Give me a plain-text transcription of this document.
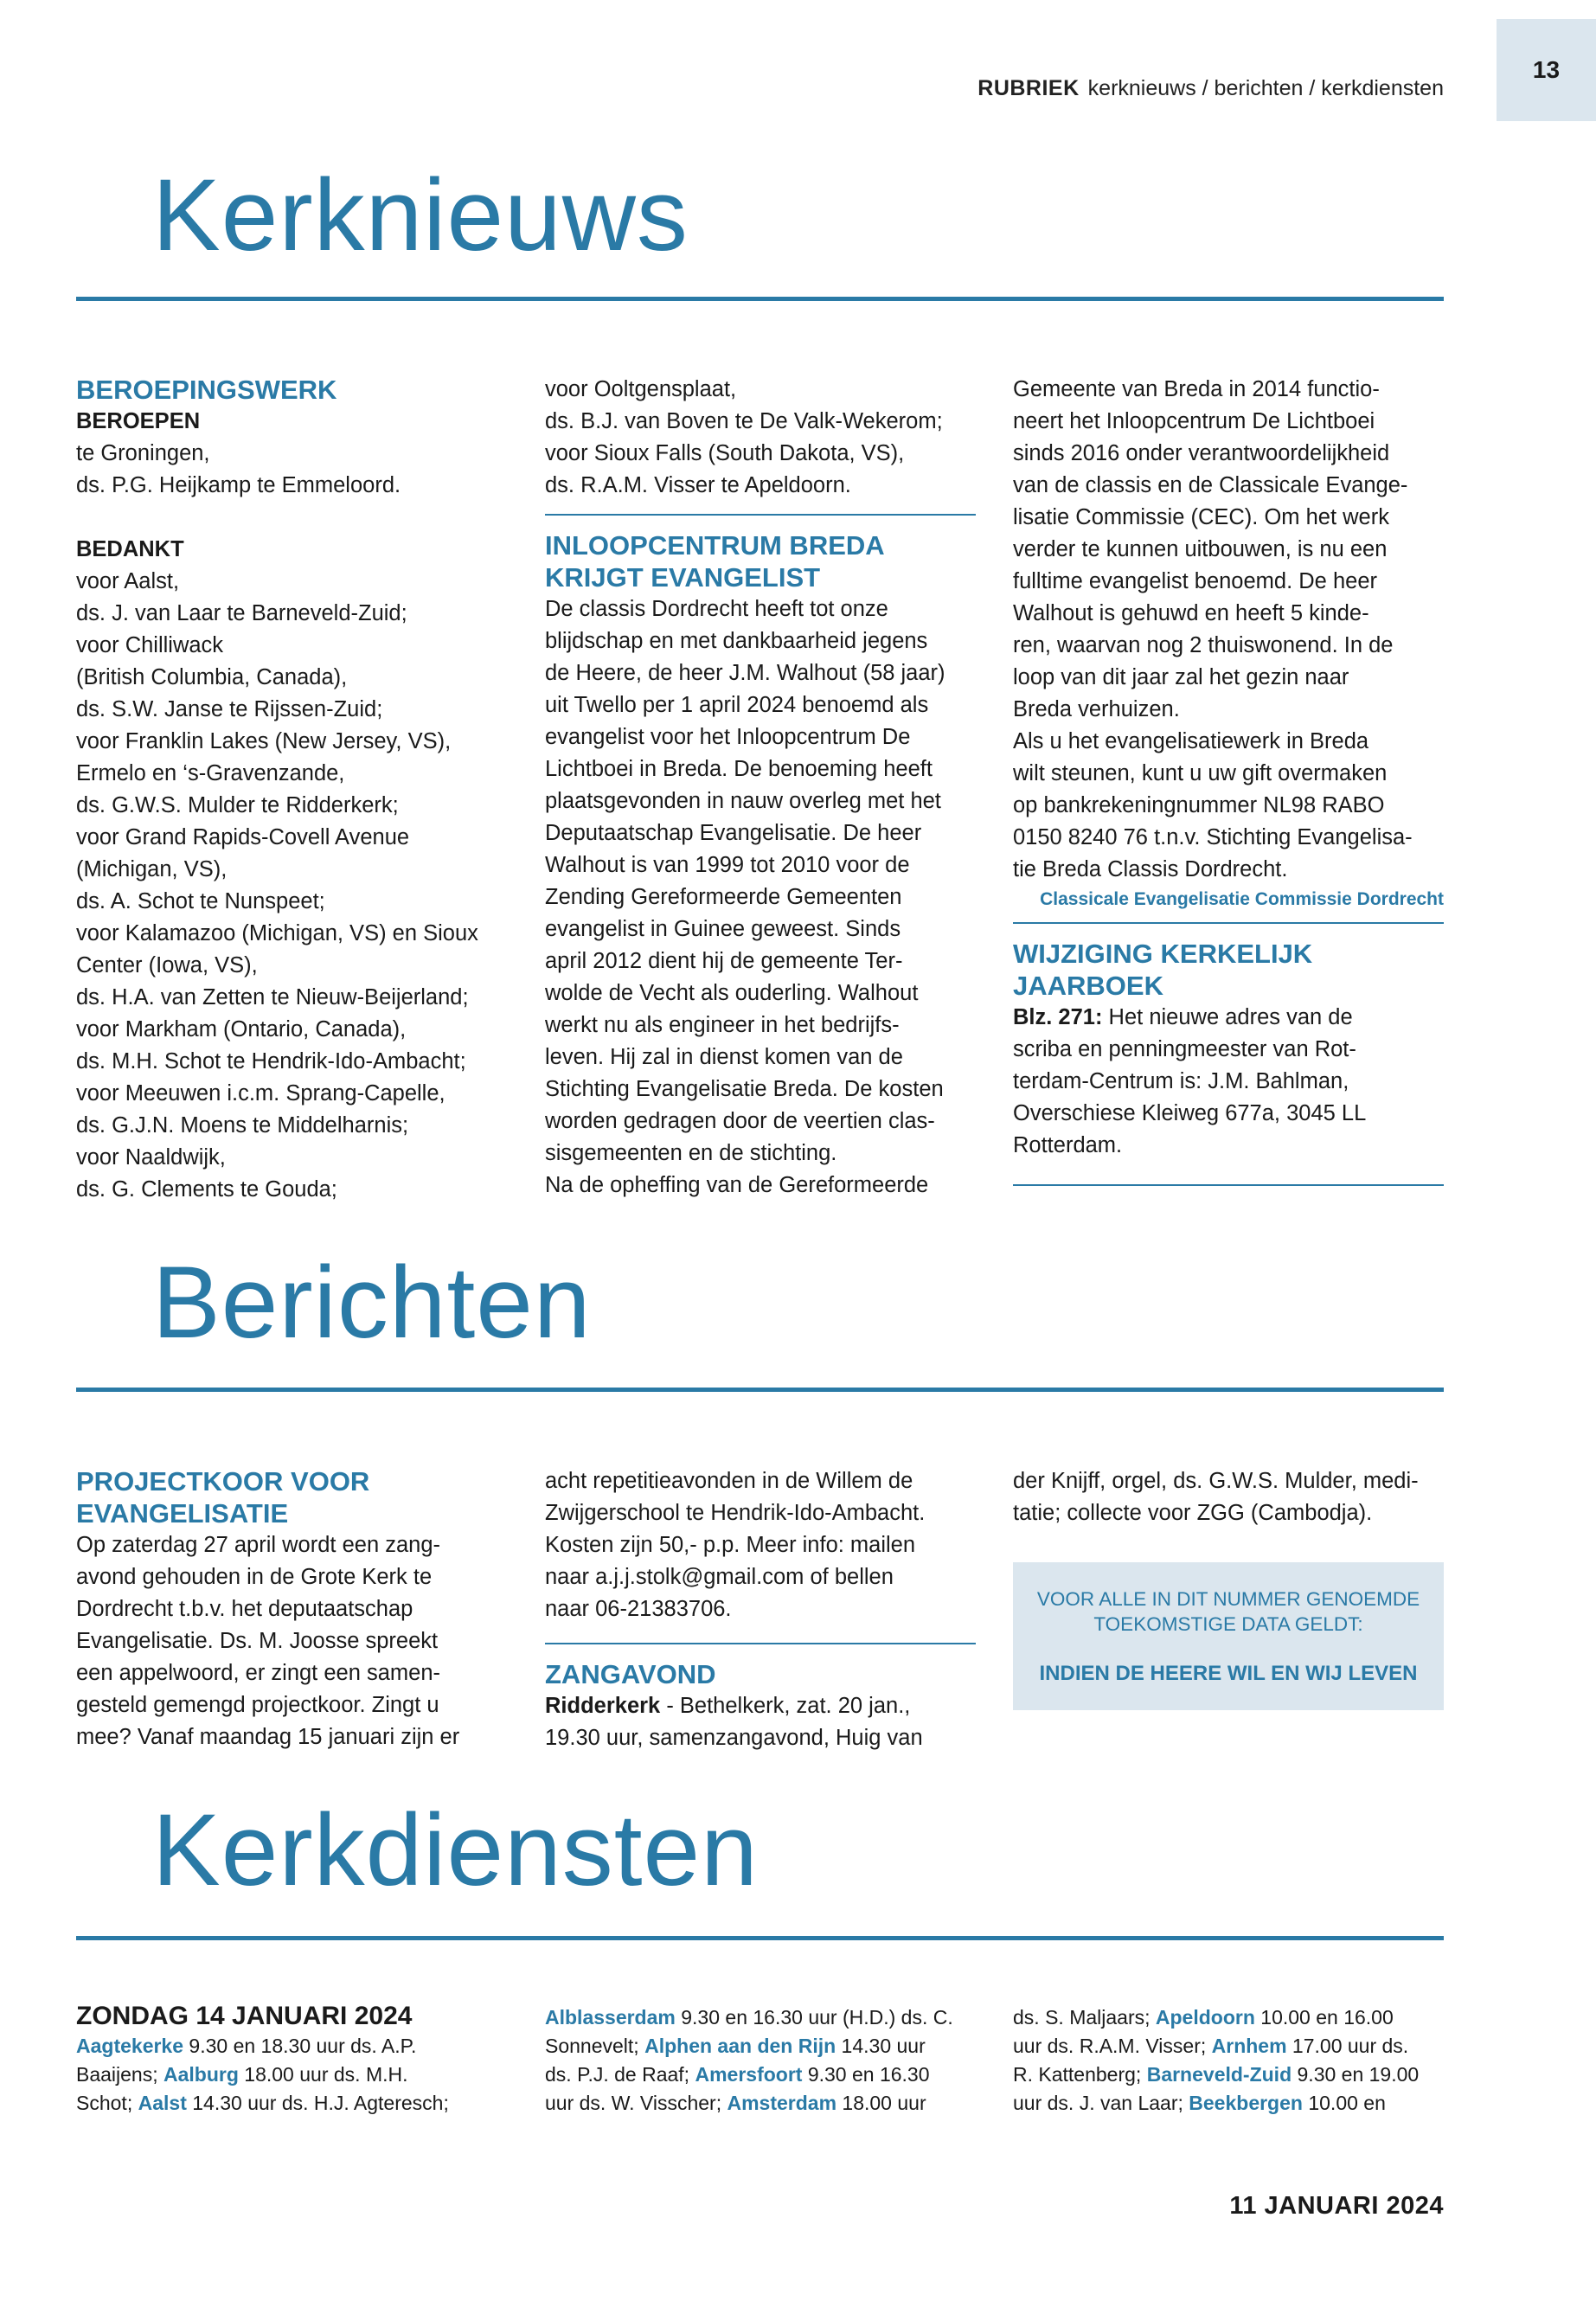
13
RUBRIEK kerknieuws / berichten / kerkdiensten
Kerknieuws
BEROEPINGSWERK
BEROEPEN
te Groningen,
ds. P.G. Heijkamp te Emmeloord.
BEDANKT
voor Aalst,
ds. J. van Laar te Barneveld-Zuid;
voor Chilliwack
(British Columbia, Canada),
ds. S.W. Janse te Rijssen-Zuid;
voor Franklin Lakes (New Jersey, VS),
Ermelo en ‘s-Gravenzande,
ds. G.W.S. Mulder te Ridderkerk;
voor Grand Rapids-Covell Avenue
(Michigan, VS),
ds. A. Schot te Nunspeet;
voor Kalamazoo (Michigan, VS) en Sioux
Center (Iowa, VS),
ds. H.A. van Zetten te Nieuw-Beijerland;
voor Markham (Ontario, Canada),
ds. M.H. Schot te Hendrik-Ido-Ambacht;
voor Meeuwen i.c.m. Sprang-Capelle,
ds. G.J.N. Moens te Middelharnis;
voor Naaldwijk,
ds. G. Clements te Gouda;
voor Ooltgensplaat,
ds. B.J. van Boven te De Valk-Wekerom;
voor Sioux Falls (South Dakota, VS),
ds. R.A.M. Visser te Apeldoorn.
INLOOPCENTRUM BREDA
KRIJGT EVANGELIST
De classis Dordrecht heeft tot onze
blijdschap en met dankbaarheid jegens
de Heere, de heer J.M. Walhout (58 jaar)
uit Twello per 1 april 2024 benoemd als
evangelist voor het Inloopcentrum De
Lichtboei in Breda. De benoeming heeft
plaatsgevonden in nauw overleg met het
Deputaatschap Evangelisatie. De heer
Walhout is van 1999 tot 2010 voor de
Zending Gereformeerde Gemeenten
evangelist in Guinee geweest. Sinds
april 2012 dient hij de gemeente Ter-
wolde de Vecht als ouderling. Walhout
werkt nu als engineer in het bedrijfs-
leven. Hij zal in dienst komen van de
Stichting Evangelisatie Breda. De kosten
worden gedragen door de veertien clas-
sisgemeenten en de stichting.
Na de opheffing van de Gereformeerde
Gemeente van Breda in 2014 functio-
neert het Inloopcentrum De Lichtboei
sinds 2016 onder verantwoordelijkheid
van de classis en de Classicale Evange-
lisatie Commissie (CEC). Om het werk
verder te kunnen uitbouwen, is nu een
fulltime evangelist benoemd. De heer
Walhout is gehuwd en heeft 5 kinde-
ren, waarvan nog 2 thuiswonend. In de
loop van dit jaar zal het gezin naar
Breda verhuizen.
Als u het evangelisatiewerk in Breda
wilt steunen, kunt u uw gift overmaken
op bankrekeningnummer NL98 RABO
0150 8240 76 t.n.v. Stichting Evangelisa-
tie Breda Classis Dordrecht.
Classicale Evangelisatie Commissie Dordrecht
WIJZIGING KERKELIJK
JAARBOEK
Blz. 271: Het nieuwe adres van de
scriba en penningmeester van Rot-
terdam-Centrum is: J.M. Bahlman,
Overschiese Kleiweg 677a, 3045 LL
Rotterdam.
Berichten
PROJECTKOOR VOOR
EVANGELISATIE
Op zaterdag 27 april wordt een zang-
avond gehouden in de Grote Kerk te
Dordrecht t.b.v. het deputaatschap
Evangelisatie. Ds. M. Joosse spreekt
een appelwoord, er zingt een samen-
gesteld gemengd projectkoor. Zingt u
mee? Vanaf maandag 15 januari zijn er
acht repetitieavonden in de Willem de
Zwijgerschool te Hendrik-Ido-Ambacht.
Kosten zijn 50,- p.p. Meer info: mailen
naar a.j.j.stolk@gmail.com of bellen
naar 06-21383706.
ZANGAVOND
Ridderkerk - Bethelkerk, zat. 20 jan.,
19.30 uur, samenzangavond, Huig van
der Knijff, orgel, ds. G.W.S. Mulder, medi-
tatie; collecte voor ZGG (Cambodja).
VOOR ALLE IN DIT NUMMER GENOEMDE
TOEKOMSTIGE DATA GELDT:
INDIEN DE HEERE WIL EN WIJ LEVEN
Kerkdiensten
ZONDAG 14 JANUARI 2024
Aagtekerke 9.30 en 18.30 uur ds. A.P.
Baaijens; Aalburg 18.00 uur ds. M.H.
Schot; Aalst 14.30 uur ds. H.J. Agteresch;
Alblasserdam 9.30 en 16.30 uur (H.D.) ds. C.
Sonnevelt; Alphen aan den Rijn 14.30 uur
ds. P.J. de Raaf; Amersfoort 9.30 en 16.30
uur ds. W. Visscher; Amsterdam 18.00 uur
ds. S. Maljaars; Apeldoorn 10.00 en 16.00
uur ds. R.A.M. Visser; Arnhem 17.00 uur ds.
R. Kattenberg; Barneveld-Zuid 9.30 en 19.00
uur ds. J. van Laar; Beekbergen 10.00 en
11 JANUARI 2024
